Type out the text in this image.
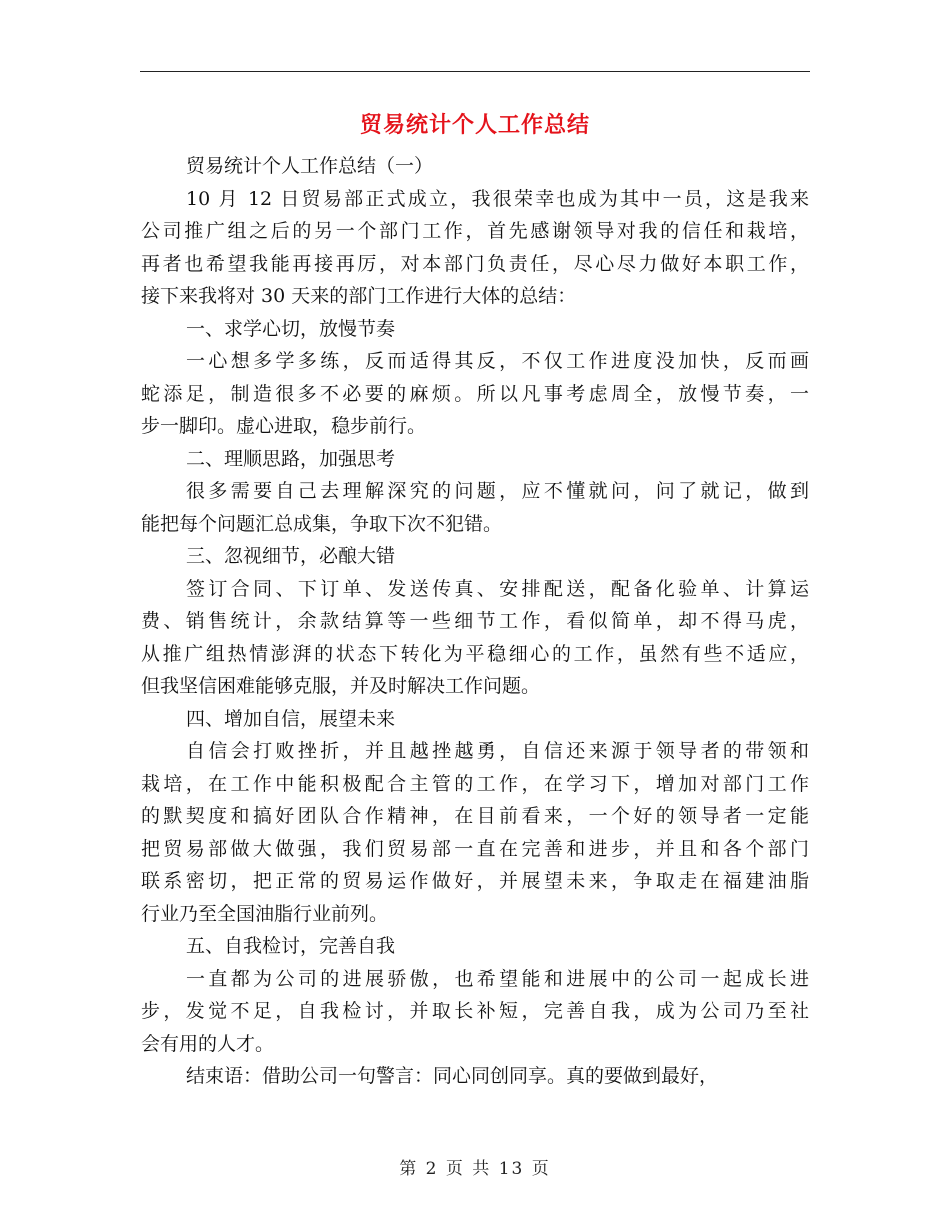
贸易统计个人工作总结
贸易统计个人工作总结（一）
10 月 12 日贸易部正式成立，我很荣幸也成为其中一员，这是我来
公司推广组之后的另一个部门工作，首先感谢领导对我的信任和栽培，
再者也希望我能再接再厉，对本部门负责任，尽心尽力做好本职工作，
接下来我将对 30 天来的部门工作进行大体的总结：
一、求学心切，放慢节奏
一心想多学多练，反而适得其反，不仅工作进度没加快，反而画
蛇添足，制造很多不必要的麻烦。所以凡事考虑周全，放慢节奏，一
步一脚印。虚心进取，稳步前行。
二、理顺思路，加强思考
很多需要自己去理解深究的问题，应不懂就问，问了就记，做到
能把每个问题汇总成集，争取下次不犯错。
三、忽视细节，必酿大错
签订合同、下订单、发送传真、安排配送，配备化验单、计算运
费、销售统计，余款结算等一些细节工作，看似简单，却不得马虎，
从推广组热情澎湃的状态下转化为平稳细心的工作，虽然有些不适应，
但我坚信困难能够克服，并及时解决工作问题。
四、增加自信，展望未来
自信会打败挫折，并且越挫越勇，自信还来源于领导者的带领和
栽培，在工作中能积极配合主管的工作，在学习下，增加对部门工作
的默契度和搞好团队合作精神，在目前看来，一个好的领导者一定能
把贸易部做大做强，我们贸易部一直在完善和进步，并且和各个部门
联系密切，把正常的贸易运作做好，并展望未来，争取走在福建油脂
行业乃至全国油脂行业前列。
五、自我检讨，完善自我
一直都为公司的进展骄傲，也希望能和进展中的公司一起成长进
步，发觉不足，自我检讨，并取长补短，完善自我，成为公司乃至社
会有用的人才。
结束语：借助公司一句警言：同心同创同享。真的要做到最好，
第 2 页 共 13 页
